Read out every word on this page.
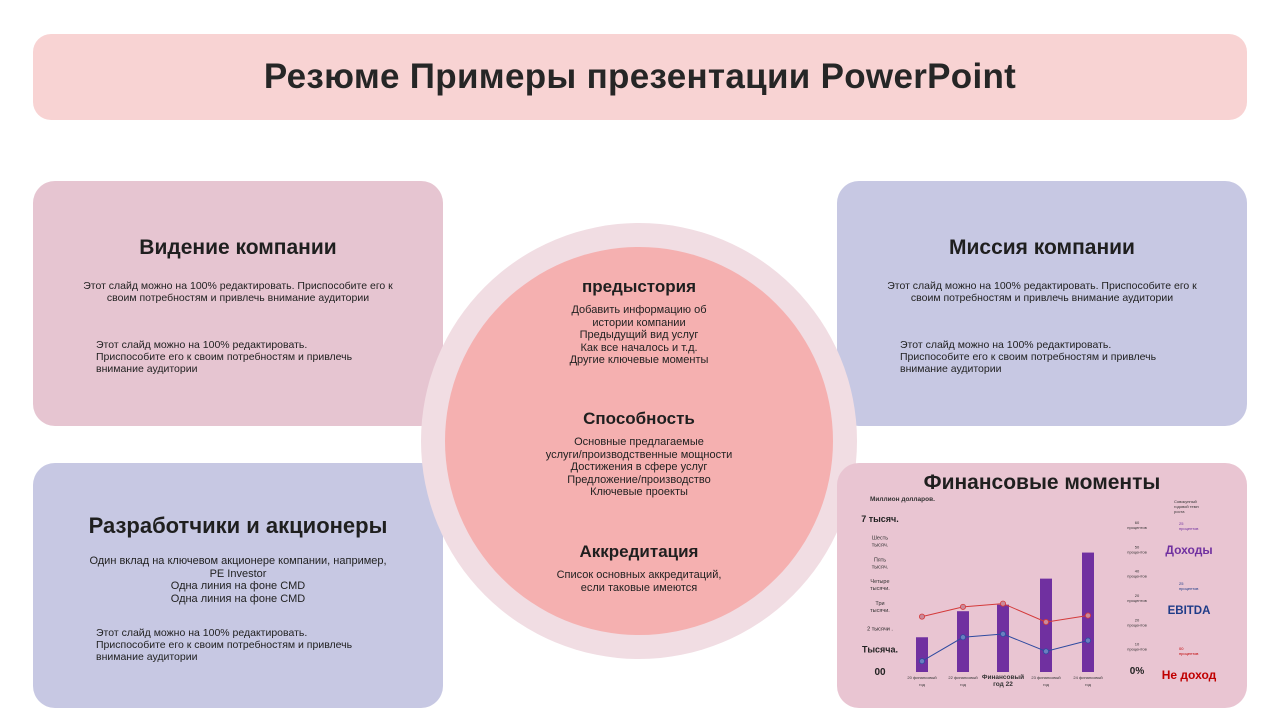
Резюме Примеры презентации PowerPoint
Видение компании

Этот слайд можно на 100% редактировать. Приспособите его к своим потребностям и привлечь внимание аудитории

Этот слайд можно на 100% редактировать.
Приспособите его к своим потребностям и привлечь
внимание аудитории
Миссия компании

Этот слайд можно на 100% редактировать. Приспособите его к своим потребностям и привлечь внимание аудитории

Этот слайд можно на 100% редактировать.
Приспособите его к своим потребностям и привлечь
внимание аудитории
Разработчики и акционеры
Один вклад на ключевом акционере компании, например,
PE Investor
Одна линия на фоне CMD
Одна линия на фоне CMD
Этот слайд можно на 100% редактировать.
Приспособите его к своим потребностям и привлечь
внимание аудитории
предыстория

Добавить информацию об

истории компании

Предыдущий вид услуг

Как все началось и т.д.

Другие ключевые моменты

Способность

Основные предлагаемые

услуги/производственные мощности

Достижения в сфере услуг

Предложение/производство

Ключевые проекты

Аккредитация

Список основных аккредитаций,

если таковые имеются

Финансовые моменты
Миллион долларов.
Тысяча.
2 тысячи .
Три
тысячи.
Четыре
тысячи.
Пять
тысяч.
Шесть
тысяч.
7 тысяч.
00	20 финансовый
год
22 финансовый
год
Финансовый
год 22
23 финансовый
год
24 финансовый
год
10
процентов
20
процентов
20
процентов
40
процентов
50
процентов
60
процентов
0%
Совокупный
годовой темп
роста
25
процентов
Доходы
25
процентов
EBITDA
00
процентов
Не доход
